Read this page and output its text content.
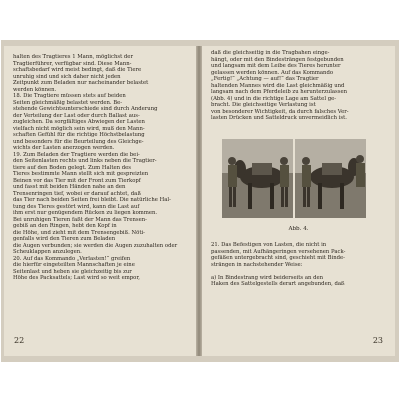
halten des Tragtieres 1 Mann, möglichst der
Tragtierführer, verfügbar sind. Diese Mann-
schaftsbedarf wird meist bedingt, daß die Tiere
unruhig sind und sich daher nicht jeden
Zeitpunkt zum Beladen nur nacheinander belastet
werden können.
18. Die Tragtiere müssen stets auf beiden
Seiten gleichmäßig belastet werden. Be-
stehende Gewichtsunterschiede sind durch Änderung
der Verteilung der Last oder durch Ballast aus-
zugleichen. Da sorgfältiges Abwiegen der Lasten
vielfach nicht möglich sein wird, muß den Mann-
schaften Gefühl für die richtige Höchstbelastung
und besonders für die Beurteilung des Gleichge-
wichts der Lasten anerzogen werden.
19. Zum Beladen der Tragtiere werden die bei-
den Seitenlasten rechts und links neben die Tragtier-
tiere auf den Boden gelegt. Zum Halten des
Tieres bestimmte Mann stellt sich mit gespreizten
Beinen vor das Tier mit der Front zum Tierkopf
und fasst mit beiden Händen nahe an den
Trensenringen tief, wobei er darauf achtet, daß
das Tier nach beiden Seiten frei bleibt. Die natürliche Hal-
tung des Tieres gestört wird, kann die Last auf
ihm erst nur genügendem Rücken zu liegen kommen.
Bei unruhigen Tieren faßt der Mann das Trensen-
gebiß an den Ringen, hebt den Kopf in
die Höhe, und zieht mit dem Trensengebiß. Nöti-
genfalls wird den Tieren zum Beladen
die Augen verbunden; sie werden die Augen zuzuhalten oder
Scheuklappen anzulegen.
20. Auf das Kommando „Verlasten!“ greifen
die hierfür eingeteilten Mannschaften je eine
Seitenlast und heben sie gleichzeitig bis zur
Höhe des Packsattels; Last wird so weit empor,
22
daß die gleichseitig in die Tragbahen einge-
hängt, oder mit den Bindesträngen festgebunden
und langsam mit dem Leibe des Tieres herunter
gelassen werden können. Auf das Kommando
„Fertig!“ „Achtung — auf!“ das Tragtier
haltenden Mannes wird die Last gleichmäßig und
langsam nach dem Pferdeleib zu herunterzulassen
(Abb. 4) und in die richtige Lage am Sattel ge-
bracht. Die gleichseitige Verlastung ist
von besonderer Wichtigkeit, da durch falsches Ver-
lasten Drücken und Satteldruck unvermeidlich ist.
Abb. 4.
21. Das Befestigen von Lasten, die nicht in
passenden, mit Aufhängeringen versehenen Pack-
gefäßen untergebracht sind, geschieht mit Binde-
strängen in nachstehender Weise:
a) In Bindestrang wird beiderseits an den
Haken des Sattelgestells derart angebunden, daß
23
